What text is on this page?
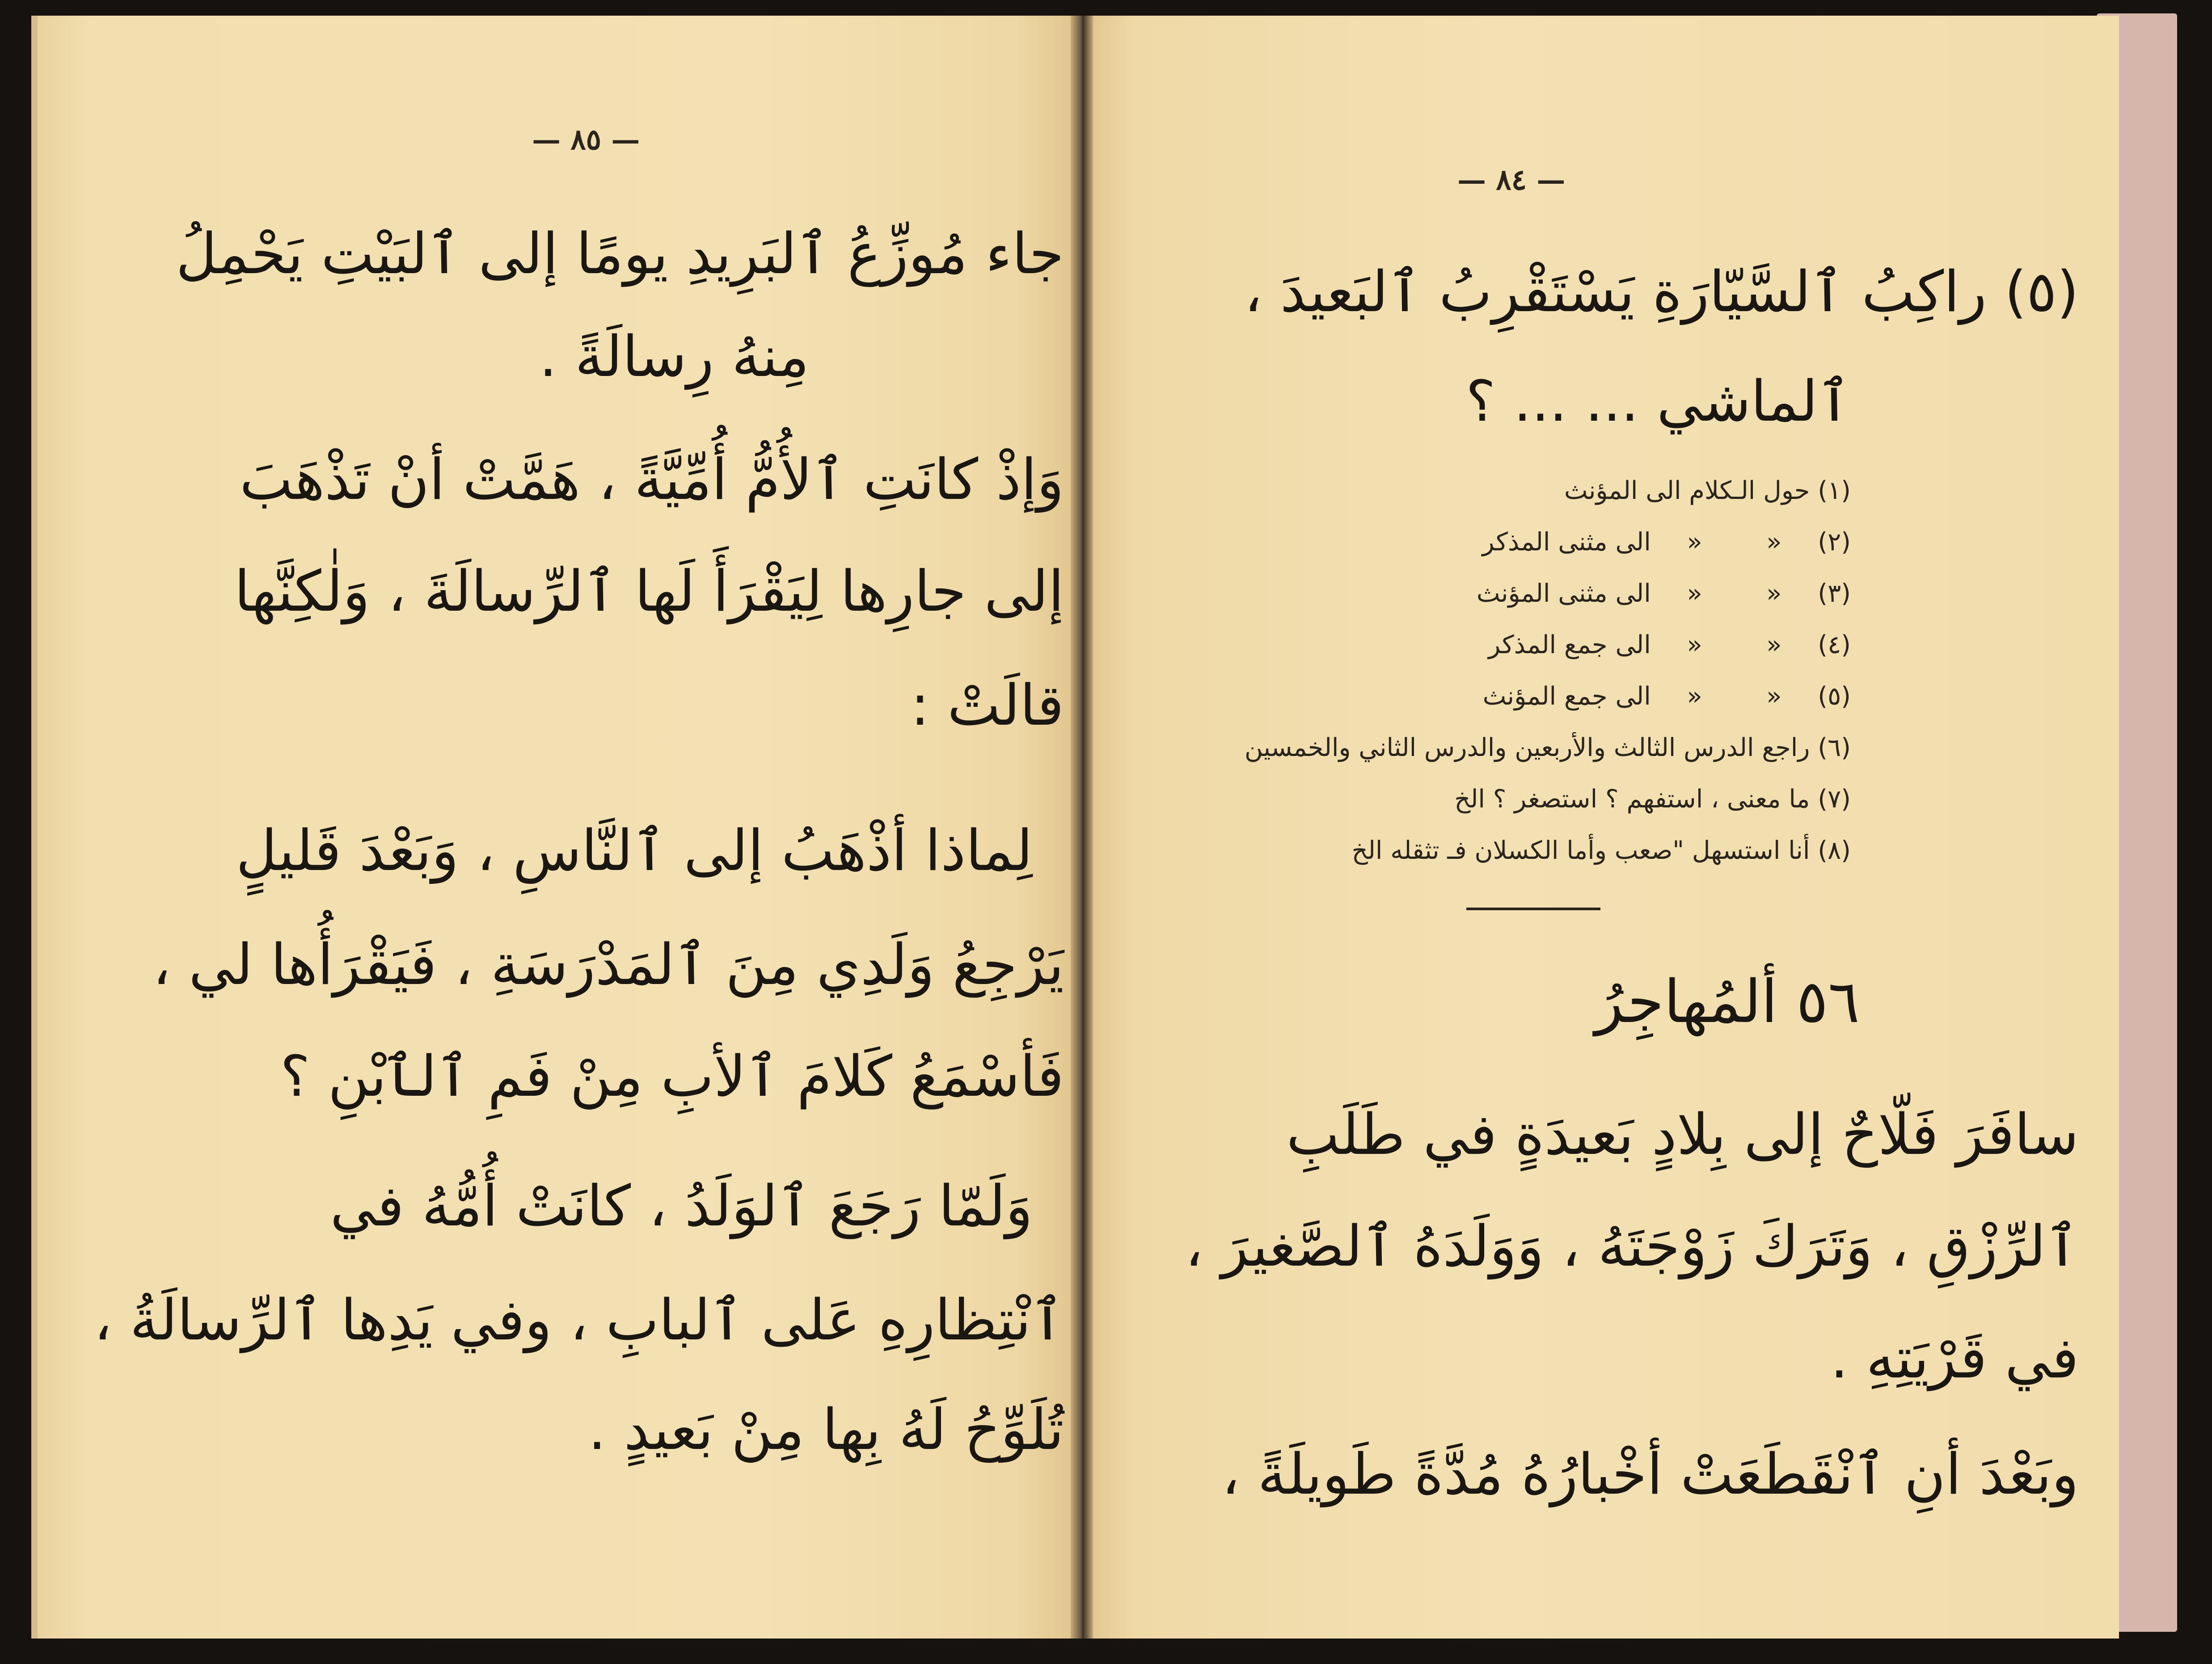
— ٨٥ —
جاء مُوزِّعُ ٱلبَرِيدِ يومًا إلى ٱلبَيْتِ يَحْمِلُ
مِنهُ رِسالَةً .
وَإذْ كانَتِ ٱلأُمُّ أُمِّيَّةً ، هَمَّتْ أنْ تَذْهَبَ
إلى جارِها لِيَقْرَأَ لَها ٱلرِّسالَةَ ، وَلٰكِنَّها
قالَتْ :
لِماذا أذْهَبُ إلى ٱلنَّاسِ ، وَبَعْدَ قَليلٍ
يَرْجِعُ وَلَدِي مِنَ ٱلمَدْرَسَةِ ، فَيَقْرَأُها لي ،
فَأسْمَعُ كَلامَ ٱلأبِ مِنْ فَمِ ٱلٱبْنِ ؟
وَلَمّا رَجَعَ ٱلوَلَدُ ، كانَتْ أُمُّهُ في
ٱنْتِظارِهِ عَلى ٱلبابِ ، وفي يَدِها ٱلرِّسالَةُ ،
تُلَوِّحُ لَهُ بِها مِنْ بَعيدٍ .
— ٨٤ —
(٥) راكِبُ ٱلسَّيّارَةِ يَسْتَقْرِبُ ٱلبَعيدَ ،
ٱلماشي ... ... ؟
(١) حول الـكلام الى المؤنث
(٢) « « الى مثنى المذكر
(٣) « « الى مثنى المؤنث
(٤) « « الى جمع المذكر
(٥) « « الى جمع المؤنث
(٦) راجع الدرس الثالث والأربعين والدرس الثاني والخمسين
(٧) ما معنى ، استفهم ؟ استصغر ؟ الخ
(٨) أنا استسهل "صعب وأما الكسلان فـ تثقله الخ
٥٦ ألمُهاجِرُ
سافَرَ فَلّاحٌ إلى بِلادٍ بَعيدَةٍ في طَلَبِ
ٱلرِّزْقِ ، وَتَرَكَ زَوْجَتَهُ ، وَوَلَدَهُ ٱلصَّغيرَ ،
في قَرْيَتِهِ .
وبَعْدَ أنِ ٱنْقَطَعَتْ أخْبارُهُ مُدَّةً طَويلَةً ،
